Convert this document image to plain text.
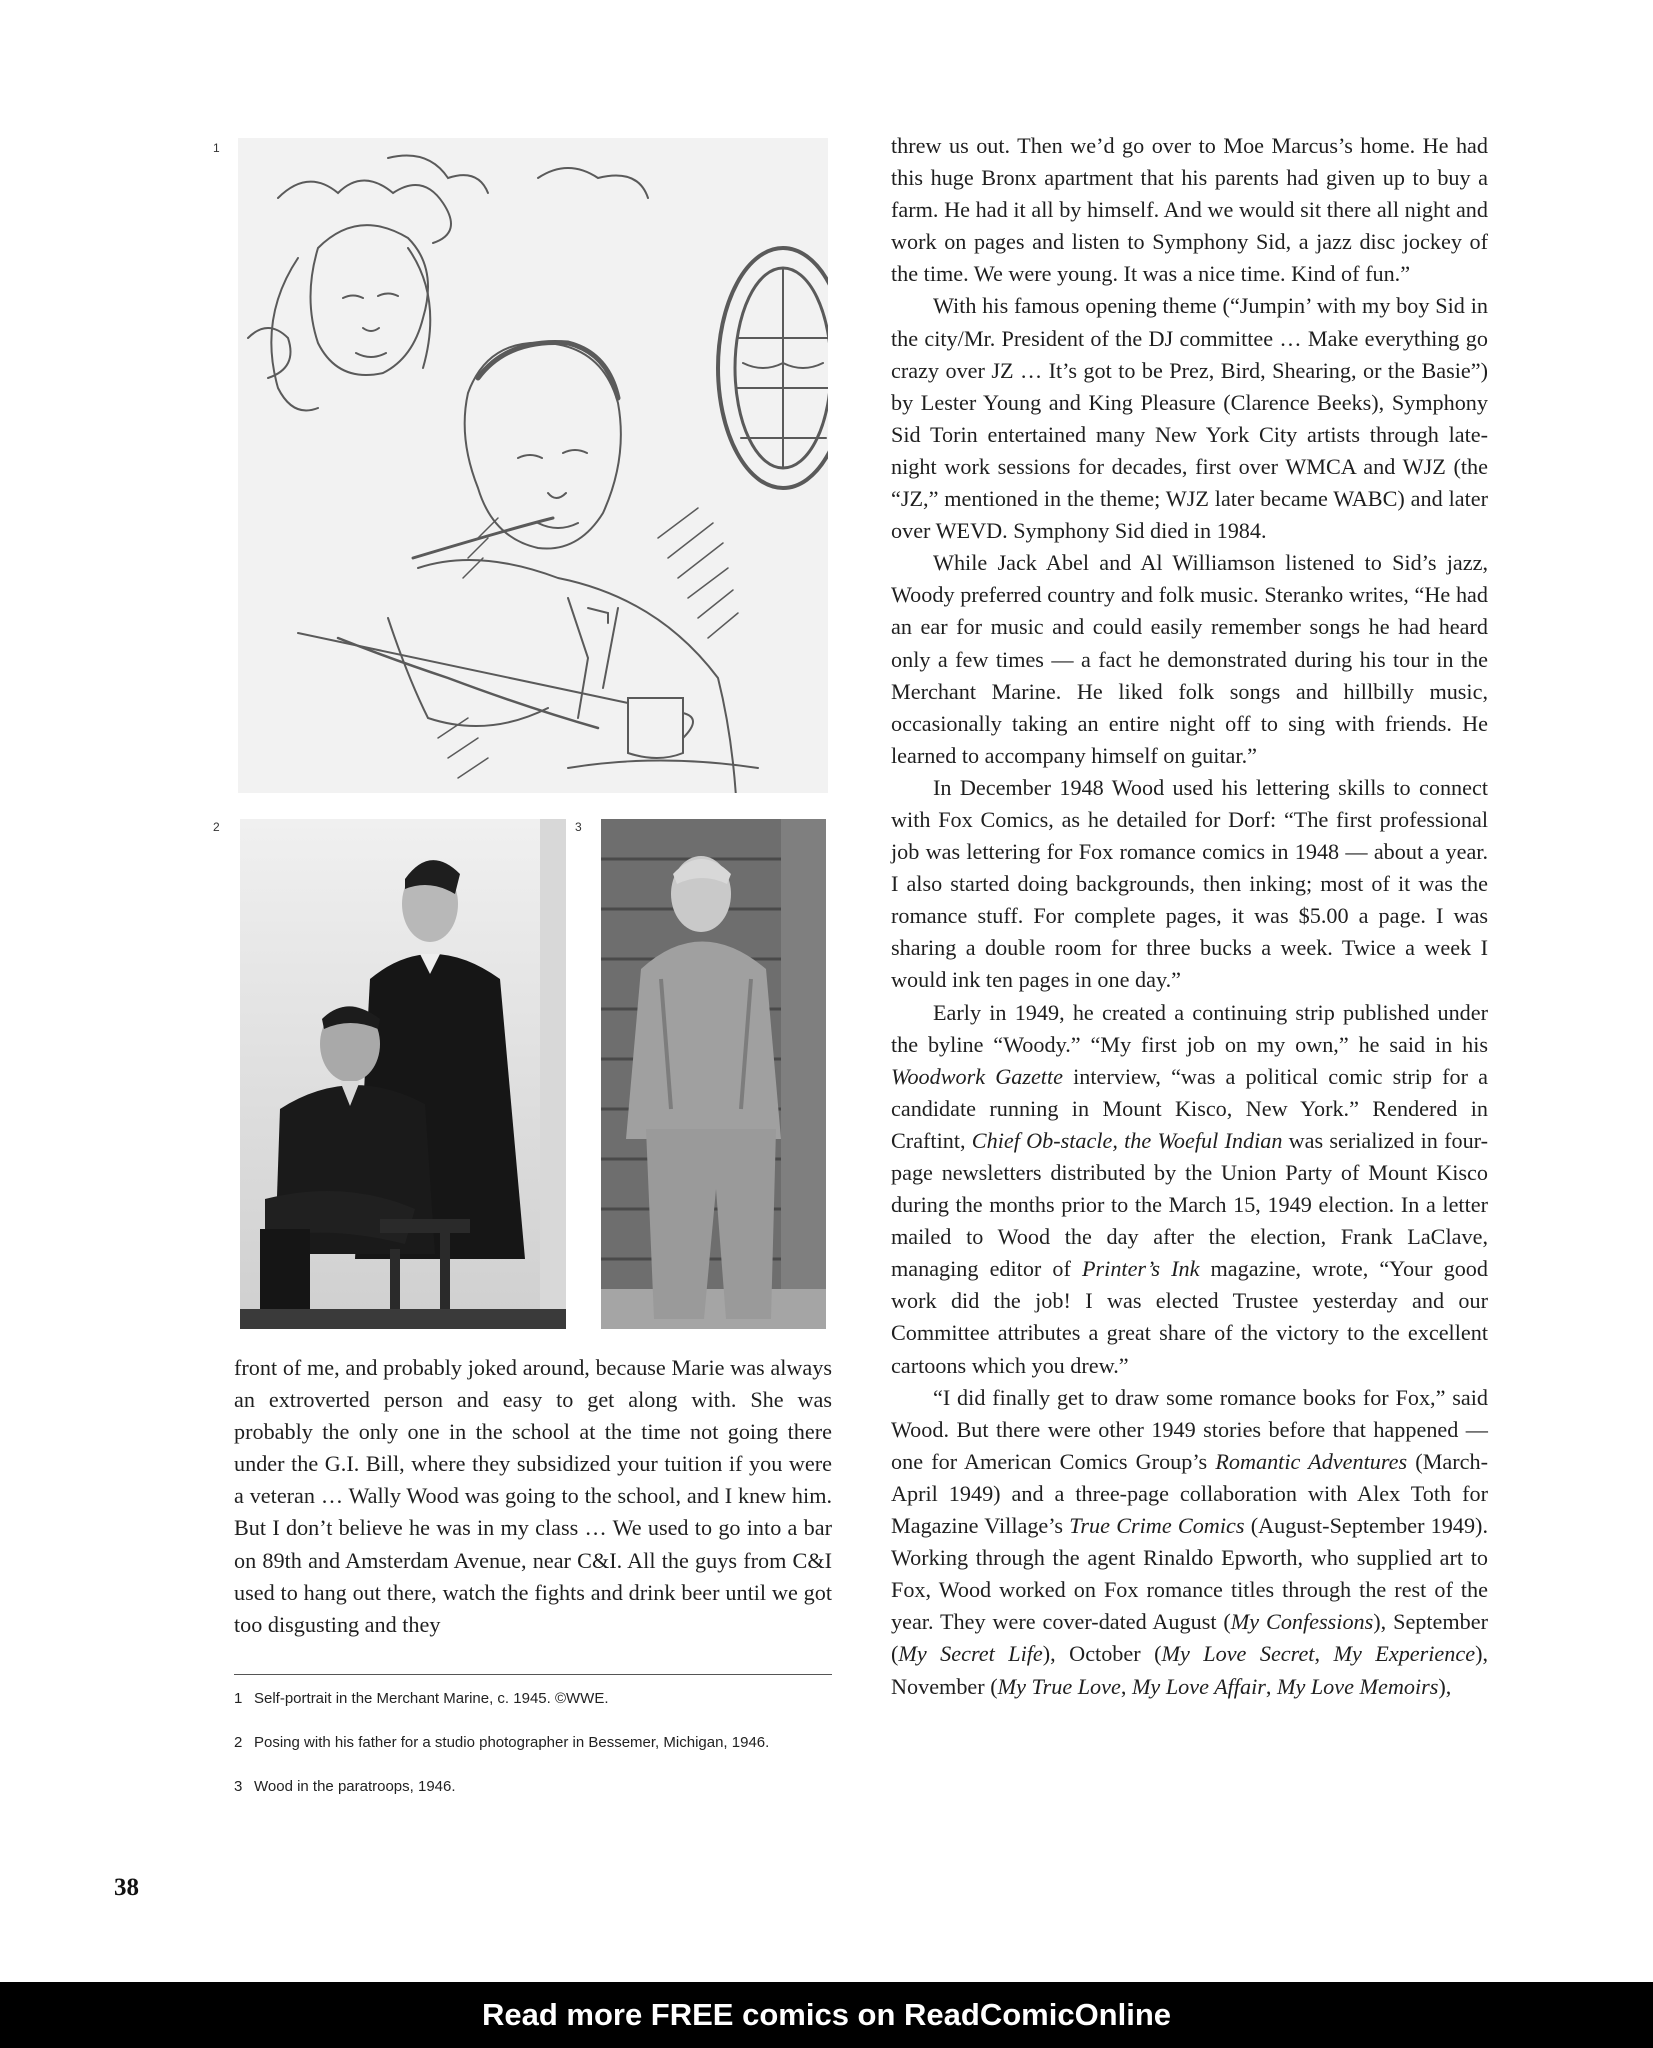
1
2	3

front of me, and probably joked around, because Marie was always an extroverted person and easy to get along with. She was probably the only one in the school at the time not going there under the G.I. Bill, where they subsidized your tuition if you were a veteran … Wally Wood was going to the school, and I knew him. But I don’t believe he was in my class … We used to go into a bar on 89th and Amsterdam Avenue, near C&I. All the guys from C&I used to hang out there, watch the fights and drink beer until we got too disgusting and they

1 Self-portrait in the Merchant Marine, c. 1945. ©WWE.
2 Posing with his father for a studio photographer in Bessemer, Michigan, 1946.
3 Wood in the paratroops, 1946.

threw us out. Then we’d go over to Moe Marcus’s home. He had this huge Bronx apartment that his parents had given up to buy a farm. He had it all by himself. And we would sit there all night and work on pages and listen to Symphony Sid, a jazz disc jockey of the time. We were young. It was a nice time. Kind of fun.”

With his famous opening theme (“Jumpin’ with my boy Sid in the city/Mr. President of the DJ committee … Make everything go crazy over JZ … It’s got to be Prez, Bird, Shearing, or the Basie”) by Lester Young and King Pleasure (Clarence Beeks), Symphony Sid Torin entertained many New York City artists through late-night work sessions for decades, first over WMCA and WJZ (the “JZ,” mentioned in the theme; WJZ later became WABC) and later over WEVD. Symphony Sid died in 1984.

While Jack Abel and Al Williamson listened to Sid’s jazz, Woody preferred country and folk music. Steranko writes, “He had an ear for music and could easily remember songs he had heard only a few times — a fact he demonstrated during his tour in the Merchant Marine. He liked folk songs and hillbilly music, occasionally taking an entire night off to sing with friends. He learned to accompany himself on guitar.”

In December 1948 Wood used his lettering skills to connect with Fox Comics, as he detailed for Dorf: “The first professional job was lettering for Fox romance comics in 1948 — about a year. I also started doing backgrounds, then inking; most of it was the romance stuff. For complete pages, it was $5.00 a page. I was sharing a double room for three bucks a week. Twice a week I would ink ten pages in one day.”

Early in 1949, he created a continuing strip published under the byline “Woody.” “My first job on my own,” he said in his Woodwork Gazette interview, “was a political comic strip for a candidate running in Mount Kisco, New York.” Rendered in Craftint, Chief Ob-stacle, the Woeful Indian was serialized in four-page newsletters distributed by the Union Party of Mount Kisco during the months prior to the March 15, 1949 election. In a letter mailed to Wood the day after the election, Frank LaClave, managing editor of Printer’s Ink magazine, wrote, “Your good work did the job! I was elected Trustee yesterday and our Committee attributes a great share of the victory to the excellent cartoons which you drew.”

“I did finally get to draw some romance books for Fox,” said Wood. But there were other 1949 stories before that happened — one for American Comics Group’s Romantic Adventures (March-April 1949) and a three-page collaboration with Alex Toth for Magazine Village’s True Crime Comics (August-September 1949). Working through the agent Rinaldo Epworth, who supplied art to Fox, Wood worked on Fox romance titles through the rest of the year. They were cover-dated August (My Confessions), September (My Secret Life), October (My Love Secret, My Experience), November (My True Love, My Love Affair, My Love Memoirs),

38
Read more FREE comics on ReadComicOnline
